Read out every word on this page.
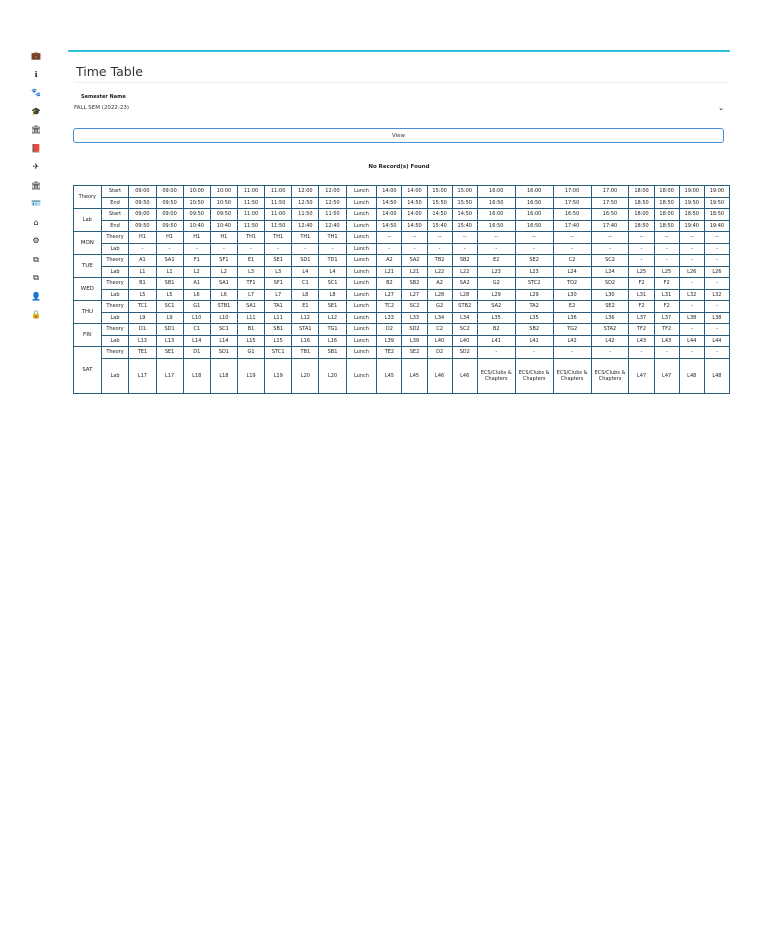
💼
ℹ
🐾
🎓
🏛
📕
✈
🏛
🪪
⌂
⚙
⧉
⧉
👤
🔒
Time Table
Semester Name
FALL SEM (2022-23)	⌄
View
No Record(s) Found
Theory	Start	09:00	09:00	10:00	10:00	11:00	11:00	12:00	12:00	Lunch	14:00	14:00	15:00	15:00	16:00	16:00	17:00	17:00	18:00	18:00	19:00	19:00
	End	09:50	09:50	10:50	10:50	11:50	11:50	12:50	12:50	Lunch	14:50	14:50	15:50	15:50	16:50	16:50	17:50	17:50	18:50	18:50	19:50	19:50
Lab	Start	09:00	09:00	09:50	09:50	11:00	11:00	11:50	11:50	Lunch	14:00	14:00	14:50	14:50	16:00	16:00	16:50	16:50	18:00	18:00	18:50	18:50
	End	09:50	09:50	10:40	10:40	11:50	11:50	12:40	12:40	Lunch	14:50	14:50	15:40	15:40	16:50	16:50	17:40	17:40	18:50	18:50	19:40	19:40
MON	Theory	H1	H1	H1	H1	TH1	TH1	TH1	TH1	Lunch	--	--	--	--	--	--	--	--	--	--	--	--
	Lab	-	-	-	-	-	-	-	-	Lunch	-	-	-	-	-	-	-	-	-	-	-	-
TUE	Theory	A1	SA1	F1	SF1	E1	SE1	SD1	TD1	Lunch	A2	SA2	TB2	SB2	E2	SE2	C2	SC2	-	-	-	-
	Lab	L1	L1	L2	L2	L3	L3	L4	L4	Lunch	L21	L21	L22	L22	L23	L23	L24	L24	L25	L25	L26	L26
WED	Theory	B1	SB1	A1	SA1	TF1	SF1	C1	SC1	Lunch	B2	SB2	A2	SA2	G2	STC2	TD2	SD2	F2	F2	-	-
	Lab	L5	L5	L6	L6	L7	L7	L8	L8	Lunch	L27	L27	L28	L28	L29	L29	L30	L30	L31	L31	L32	L32
THU	Theory	TC1	SC1	G1	STB1	SA1	TA1	E1	SE1	Lunch	TC2	SC2	G2	STB2	SA2	TA2	E2	SE2	F2	F2	-	-
	Lab	L9	L9	L10	L10	L11	L11	L12	L12	Lunch	L33	L33	L34	L34	L35	L35	L36	L36	L37	L37	L38	L38
FRI	Theory	D1	SD1	C1	SC1	B1	SB1	STA1	TG1	Lunch	D2	SD2	C2	SC2	B2	SB2	TG2	STA2	TF2	TF2	-	-
	Lab	L13	L13	L14	L14	L15	L15	L16	L16	Lunch	L39	L39	L40	L40	L41	L41	L42	L42	L43	L43	L44	L44
SAT	Theory	TE1	SE1	D1	SD1	G1	STC1	TB1	SB1	Lunch	TE2	SE2	D2	SD2	-	-	-	-	-	-	-	-
	Lab	L17	L17	L18	L18	L19	L19	L20	L20	Lunch	L45	L45	L46	L46	ECS/Clubs & Chapters	ECS/Clubs & Chapters	ECS/Clubs & Chapters	ECS/Clubs & Chapters	L47	L47	L48	L48
